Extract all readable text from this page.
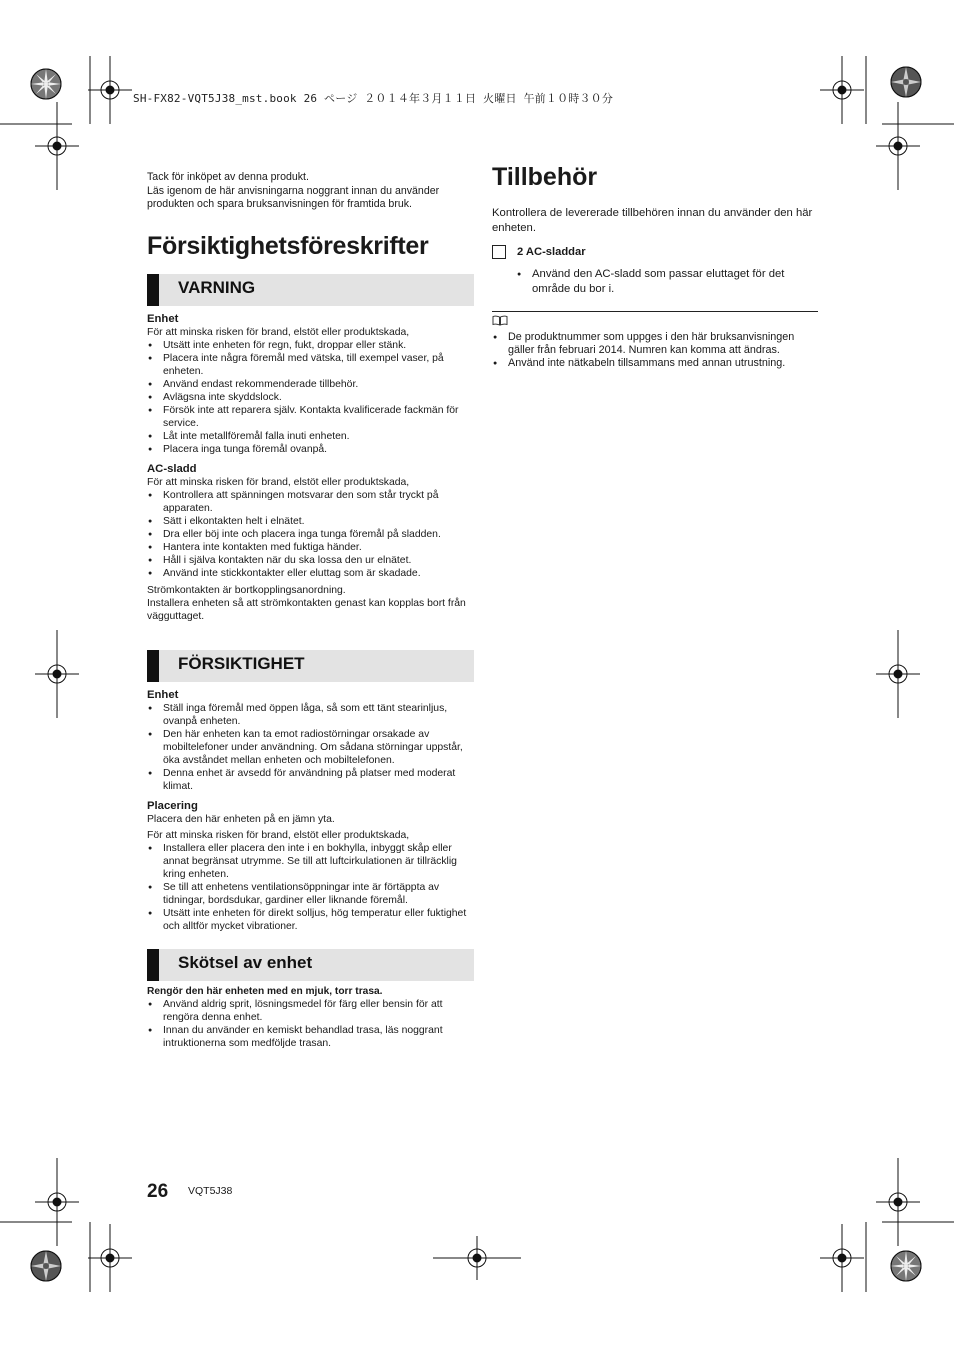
SH-FX82-VQT5J38_mst.book 26 ページ ２０１４年３月１１日 火曜日 午前１０時３０分

Tack för inköpet av denna produkt.

Läs igenom de här anvisningarna noggrant innan du använder produkten och spara bruksanvisningen för framtida bruk.

Försiktighetsföreskrifter
VARNING
Enhet

För att minska risken för brand, elstöt eller produktskada,

● Utsätt inte enheten för regn, fukt, droppar eller stänk.
● Placera inte några föremål med vätska, till exempel vaser, på enheten.
● Använd endast rekommenderade tillbehör.
● Avlägsna inte skyddslock.
● Försök inte att reparera själv. Kontakta kvalificerade fackmän för service.
● Låt inte metallföremål falla inuti enheten.
● Placera inga tunga föremål ovanpå.
AC-sladd

För att minska risken för brand, elstöt eller produktskada,

● Kontrollera att spänningen motsvarar den som står tryckt på apparaten.
● Sätt i elkontakten helt i elnätet.
● Dra eller böj inte och placera inga tunga föremål på sladden.
● Hantera inte kontakten med fuktiga händer.
● Håll i själva kontakten när du ska lossa den ur elnätet.
● Använd inte stickkontakter eller eluttag som är skadade.

Strömkontakten är bortkopplingsanordning.

Installera enheten så att strömkontakten genast kan kopplas bort från vägguttaget.

FÖRSIKTIGHET
Enhet
● Ställ inga föremål med öppen låga, så som ett tänt stearinljus, ovanpå enheten.
● Den här enheten kan ta emot radiostörningar orsakade av mobiltelefoner under användning. Om sådana störningar uppstår, öka avståndet mellan enheten och mobiltelefonen.
● Denna enhet är avsedd för användning på platser med moderat klimat.
Placering

Placera den här enheten på en jämn yta.

För att minska risken för brand, elstöt eller produktskada,

● Installera eller placera den inte i en bokhylla, inbyggt skåp eller annat begränsat utrymme. Se till att luftcirkulationen är tillräcklig kring enheten.
● Se till att enhetens ventilationsöppningar inte är förtäppta av tidningar, bordsdukar, gardiner eller liknande föremål.
● Utsätt inte enheten för direkt solljus, hög temperatur eller fuktighet och alltför mycket vibrationer.
Skötsel av enhet

Rengör den här enheten med en mjuk, torr trasa.

● Använd aldrig sprit, lösningsmedel för färg eller bensin för att rengöra denna enhet.
● Innan du använder en kemiskt behandlad trasa, läs noggrant intruktionerna som medföljde trasan.
Tillbehör

Kontrollera de levererade tillbehören innan du använder den här enheten.

2 AC-sladdar
● Använd den AC-sladd som passar eluttaget för det område du bor i.
● De produktnummer som uppges i den här bruksanvisningen gäller från februari 2014. Numren kan komma att ändras.
● Använd inte nätkabeln tillsammans med annan utrustning.
26 VQT5J38
